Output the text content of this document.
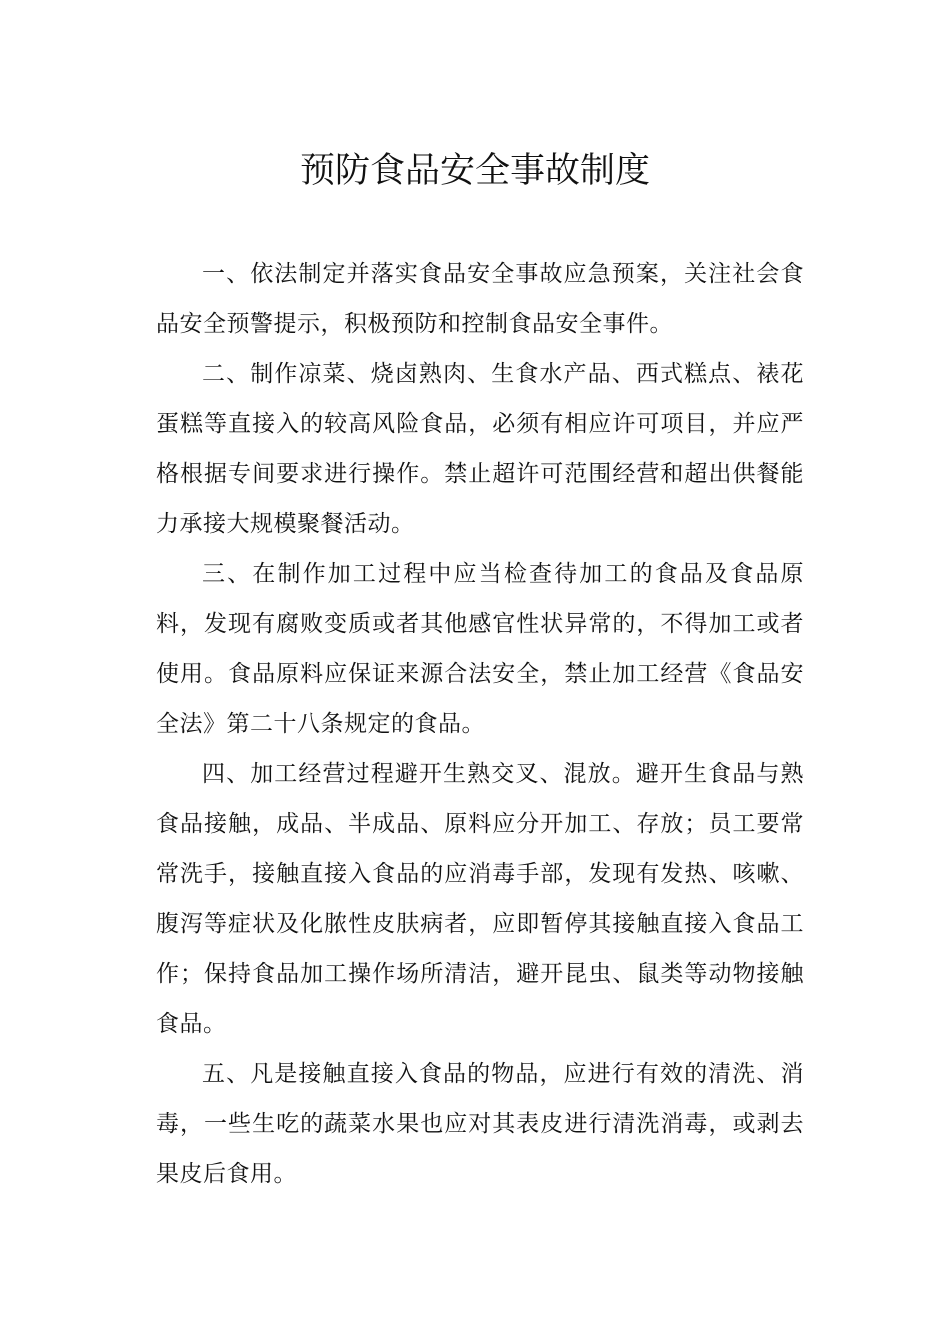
预防食品安全事故制度

一、依法制定并落实食品安全事故应急预案，关注社会食品安全预警提示，积极预防和控制食品安全事件。

二、制作凉菜、烧卤熟肉、生食水产品、西式糕点、裱花蛋糕等直接入的较高风险食品，必须有相应许可项目，并应严格根据专间要求进行操作。禁止超许可范围经营和超出供餐能力承接大规模聚餐活动。

三、在制作加工过程中应当检查待加工的食品及食品原料，发现有腐败变质或者其他感官性状异常的，不得加工或者使用。食品原料应保证来源合法安全，禁止加工经营《食品安全法》第二十八条规定的食品。

四、加工经营过程避开生熟交叉、混放。避开生食品与熟食品接触，成品、半成品、原料应分开加工、存放；员工要常常洗手，接触直接入食品的应消毒手部，发现有发热、咳嗽、腹泻等症状及化脓性皮肤病者，应即暂停其接触直接入食品工作；保持食品加工操作场所清洁，避开昆虫、鼠类等动物接触食品。

五、凡是接触直接入食品的物品，应进行有效的清洗、消毒，一些生吃的蔬菜水果也应对其表皮进行清洗消毒，或剥去果皮后食用。
